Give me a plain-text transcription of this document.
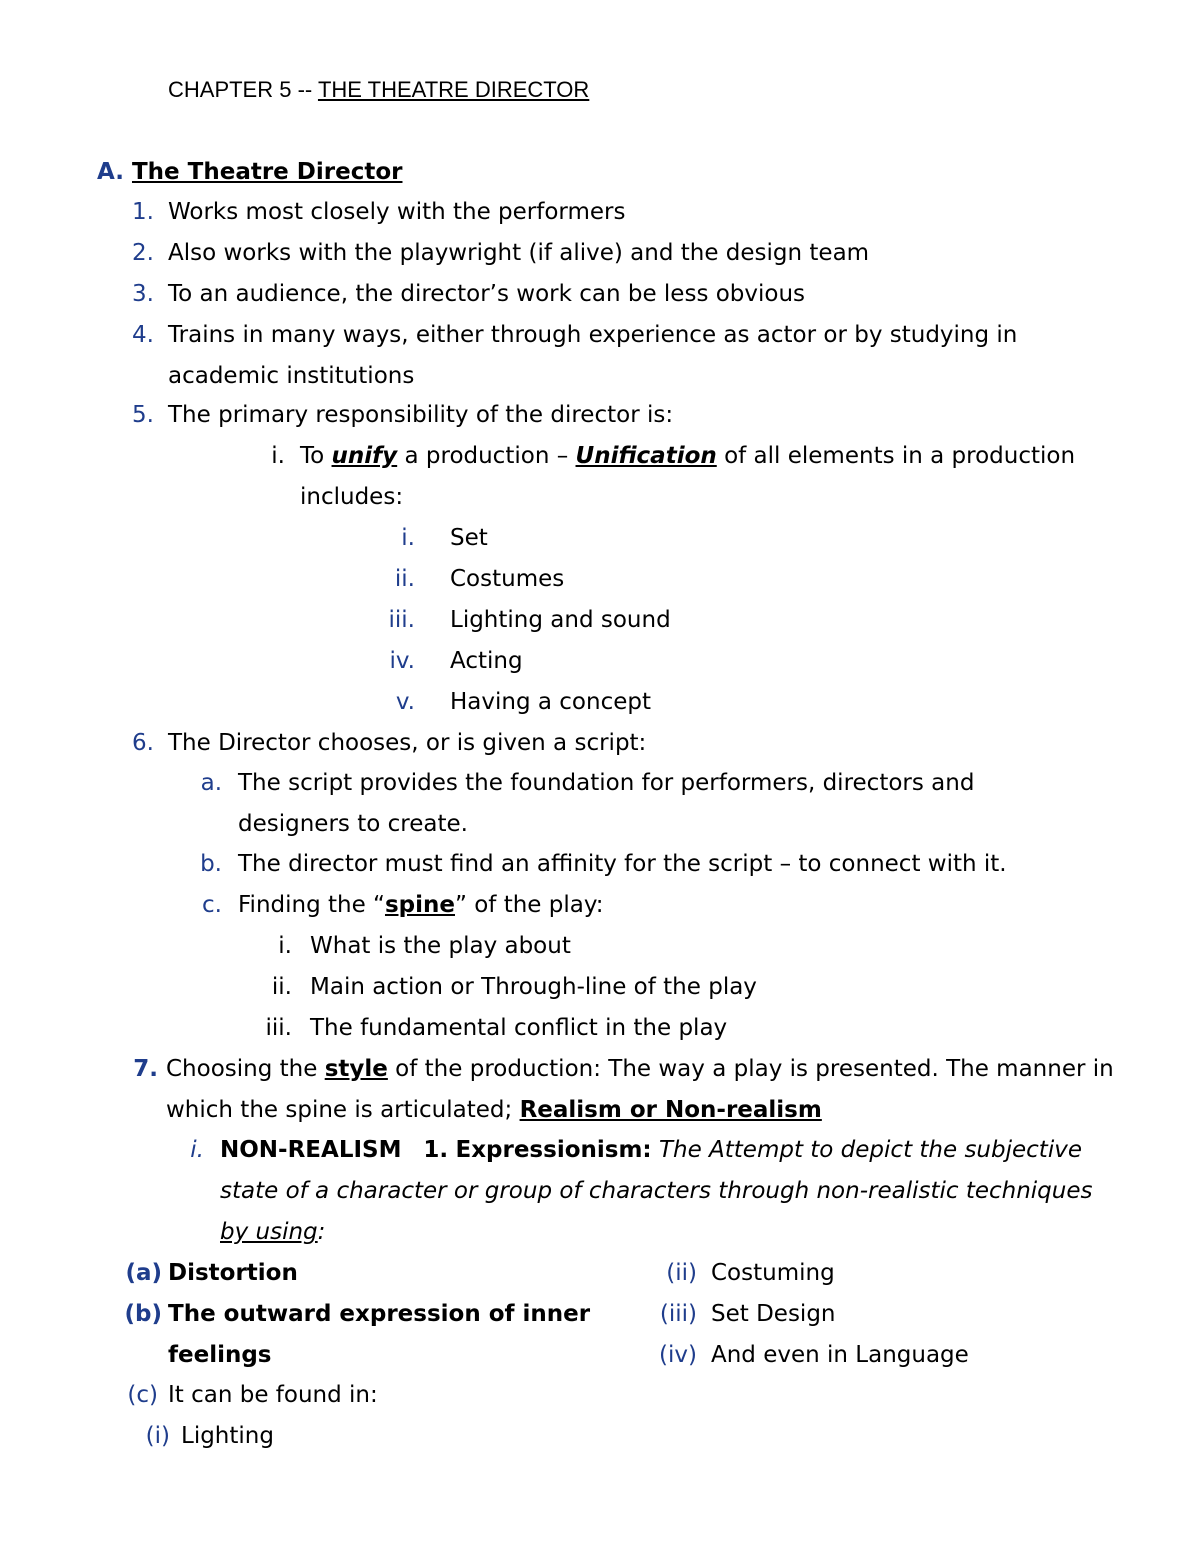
CHAPTER 5 -- THE THEATRE DIRECTOR
A. The Theatre Director
1. Works most closely with the performers
2. Also works with the playwright (if alive) and the design team
3. To an audience, the director’s work can be less obvious
4. Trains in many ways, either through experience as actor or by studying in
academic institutions
5. The primary responsibility of the director is:
i. To unify a production – Unification of all elements in a production
includes:
i. Set
ii. Costumes
iii. Lighting and sound
iv. Acting
v. Having a concept
6. The Director chooses, or is given a script:
a. The script provides the foundation for performers, directors and
designers to create.
b. The director must find an affinity for the script – to connect with it.
c. Finding the “spine” of the play:
i. What is the play about
ii. Main action or Through-line of the play
iii. The fundamental conflict in the play
7. Choosing the style of the production: The way a play is presented. The manner in
which the spine is articulated; Realism or Non-realism
i. NON-REALISM 1. Expressionism: The Attempt to depict the subjective
state of a character or group of characters through non-realistic techniques
by using:
(a) Distortion
(b) The outward expression of inner
feelings
(c) It can be found in:
(i) Lighting
(ii) Costuming
(iii) Set Design
(iv) And even in Language
